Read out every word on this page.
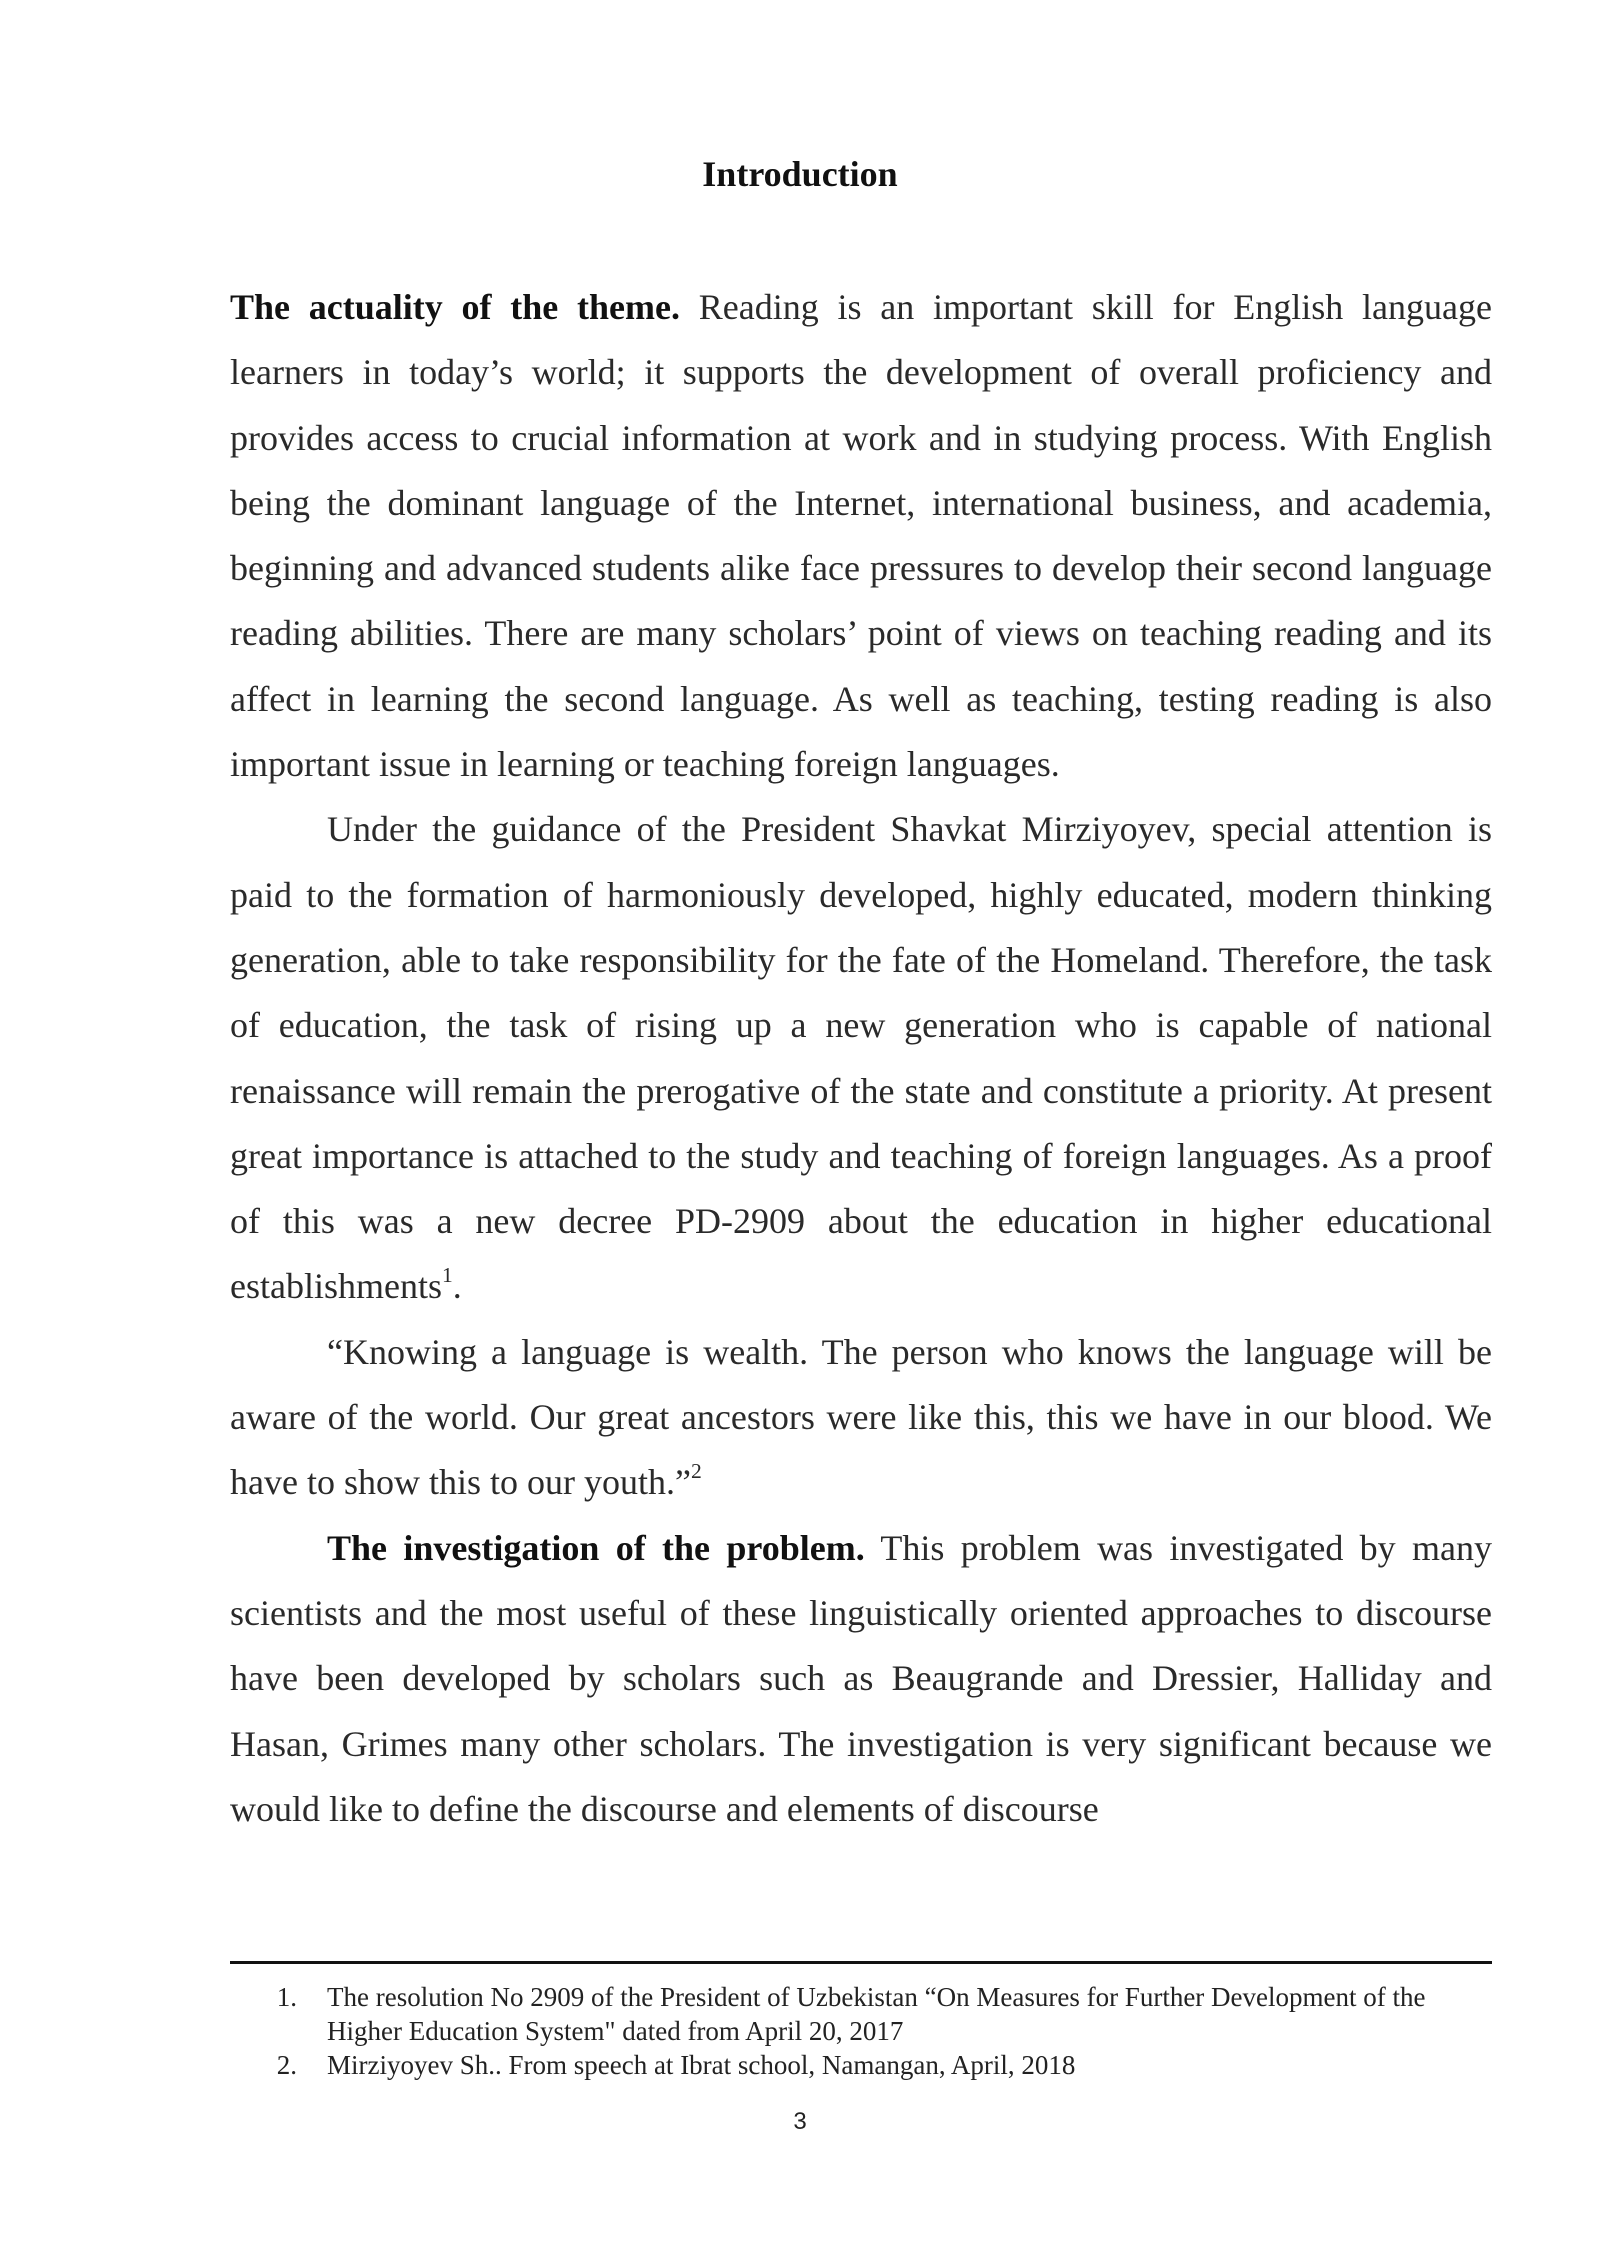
Introduction

The actuality of the theme. Reading is an important skill for English language learners in today’s world; it supports the development of overall proficiency and provides access to crucial information at work and in studying process. With English being the dominant language of the Internet, international business, and academia, beginning and advanced students alike face pressures to develop their second language reading abilities. There are many scholars’ point of views on teaching reading and its affect in learning the second language. As well as teaching, testing reading is also important issue in learning or teaching foreign languages.

Under the guidance of the President Shavkat Mirziyoyev, special attention is paid to the formation of harmoniously developed, highly educated, modern thinking generation, able to take responsibility for the fate of the Homeland. Therefore, the task of education, the task of rising up a new generation who is capable of national renaissance will remain the prerogative of the state and constitute a priority. At present great importance is attached to the study and teaching of foreign languages. As a proof of this was a new decree PD-2909 about the education in higher educational establishments$^1$.

“Knowing a language is wealth. The person who knows the language will be aware of the world. Our great ancestors were like this, this we have in our blood. We have to show this to our youth.”$^2$

The investigation of the problem. This problem was investigated by many scientists and the most useful of these linguistically oriented approaches to discourse have been developed by scholars such as Beaugrande and Dressier, Halliday and Hasan, Grimes many other scholars. The investigation is very significant because we would like to define the discourse and elements of discourse

1.	The resolution No 2909 of the President of Uzbekistan “On Measures for Further Development of the Higher Education System" dated from April 20, 2017
2.	Mirziyoyev Sh.. From speech at Ibrat school, Namangan, April, 2018
3
